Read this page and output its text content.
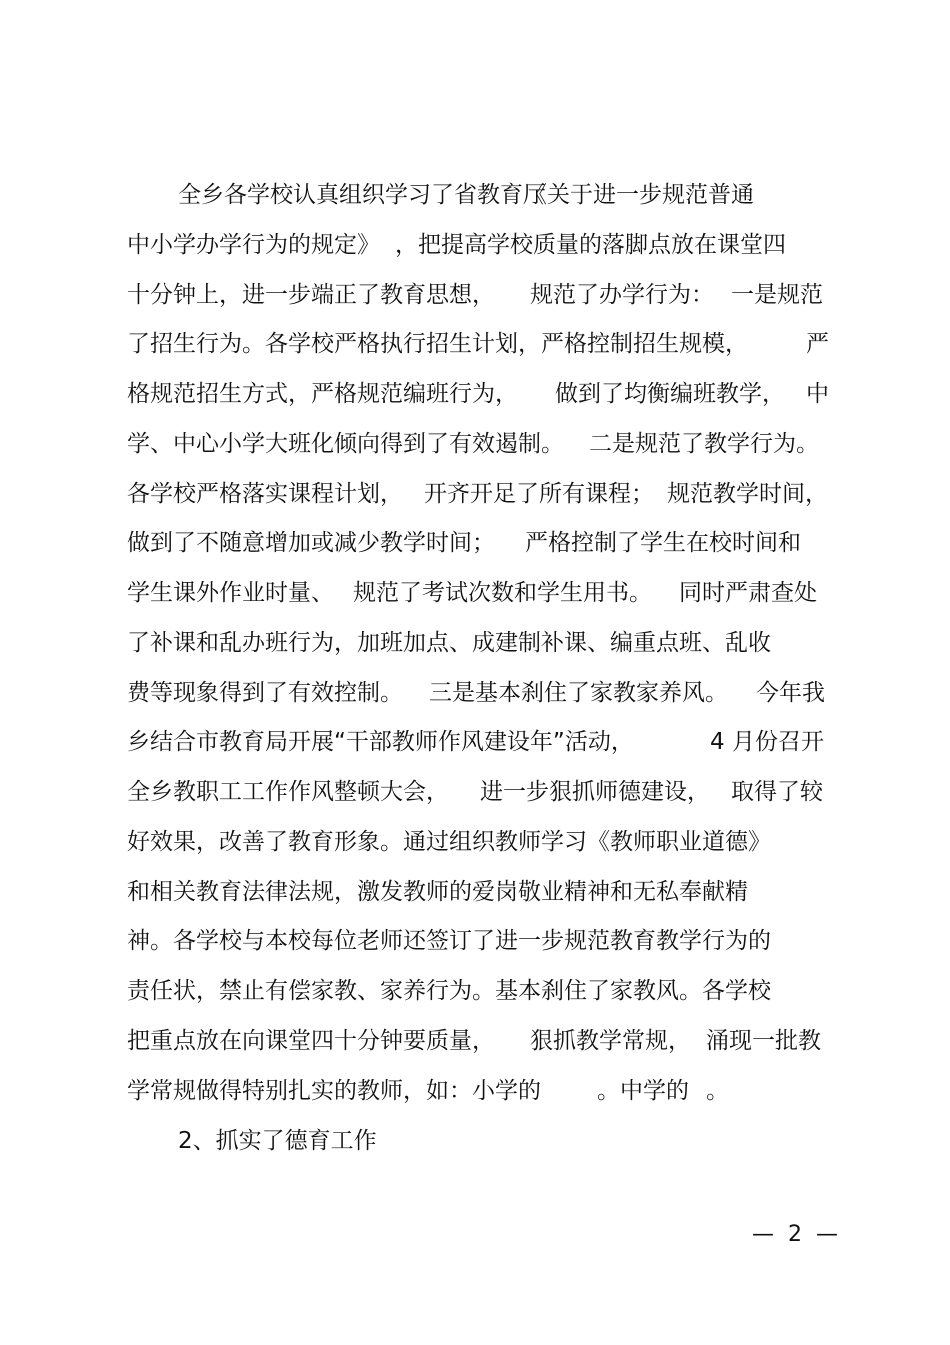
全乡各学校认真组织学习了省教育厅
《关于进一步规范普通
中小学办学行为的规定》 ，把提高学校质量的落脚点放在课堂四
十分钟上，进一步端正了教育思想， 规范了办学行为： 一是规范
了招生行为。各学校严格执行招生计划，严格控制招生规模，	严
格规范招生方式，严格规范编班行为， 做到了均衡编班教学， 中
学、中心小学大班化倾向得到了有效遏制。 二是规范了教学行为。
各学校严格落实课程计划， 开齐开足了所有课程； 规范教学时间，
做到了不随意增加或减少教学时间； 严格控制了学生在校时间和
学生课外作业时量、 规范了考试次数和学生用书。 同时严肃查处
了补课和乱办班行为，加班加点、成建制补课、编重点班、乱收
费等现象得到了有效控制。 三是基本刹住了家教家养风。 今年我
乡结合市教育局开展“干部教师作风建设年”活动，	4 月份召开
全乡教职工工作作风整顿大会， 进一步狠抓师德建设， 取得了较
好效果，改善了教育形象。通过组织教师学习《教师职业道德》
和相关教育法律法规，激发教师的爱岗敬业精神和无私奉献精
神。各学校与本校每位老师还签订了进一步规范教育教学行为的
责任状，禁止有偿家教、家养行为。基本刹住了家教风。各学校
把重点放在向课堂四十分钟要质量， 狠抓教学常规， 涌现一批教
学常规做得特别扎实的教师，如：小学的 。中学的 。
2、抓实了德育工作
—  2  —
